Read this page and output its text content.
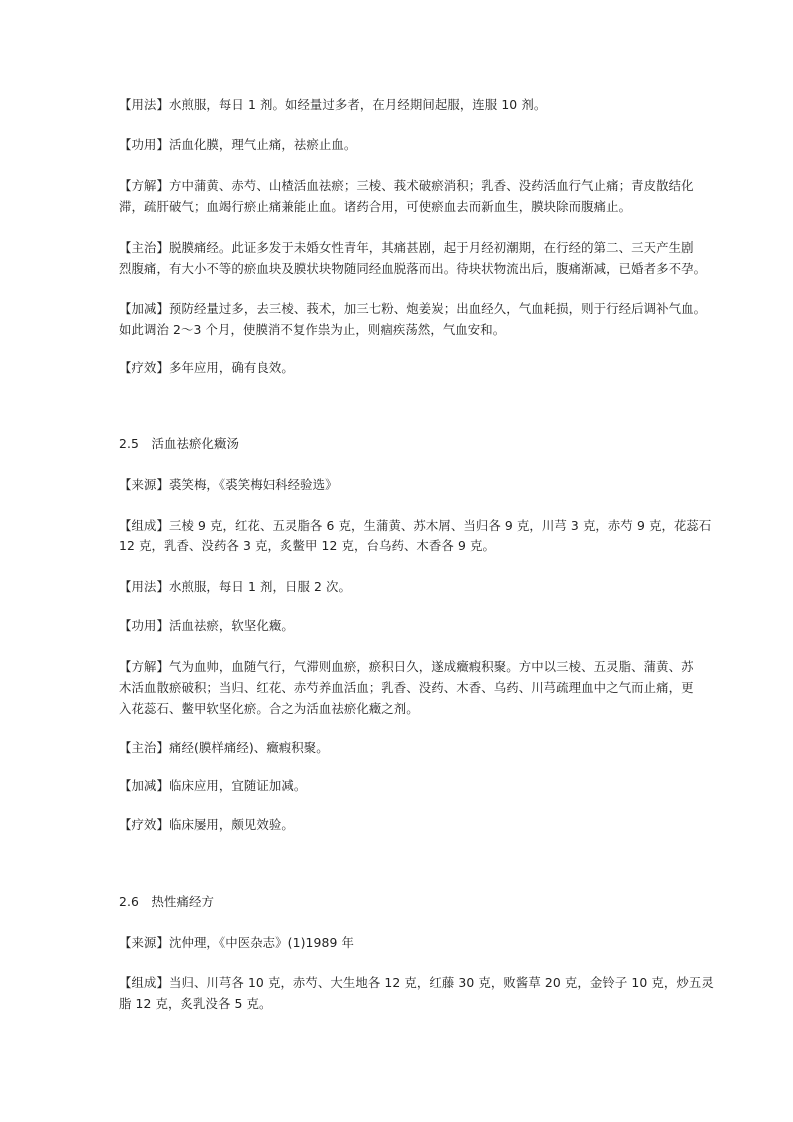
【用法】水煎服，每日 1 剂。如经量过多者，在月经期间起服，连服 10 剂。
【功用】活血化膜，理气止痛，祛瘀止血。
【方解】方中蒲黄、赤芍、山楂活血祛瘀；三棱、莪术破瘀消积；乳香、没药活血行气止痛；青皮散结化
滞，疏肝破气；血竭行瘀止痛兼能止血。诸药合用，可使瘀血去而新血生，膜块除而腹痛止。
【主治】脱膜痛经。此证多发于未婚女性青年，其痛甚剧，起于月经初潮期，在行经的第二、三天产生剧
烈腹痛，有大小不等的瘀血块及膜状块物随同经血脱落而出。待块状物流出后，腹痛渐减，已婚者多不孕。
【加减】预防经量过多，去三棱、莪术，加三七粉、炮姜炭；出血经久，气血耗损，则于行经后调补气血。
如此调治 2～3 个月，使膜消不复作祟为止，则痼疾荡然，气血安和。
【疗效】多年应用，确有良效。
2.5　活血祛瘀化癥汤
【来源】裘笑梅，《裘笑梅妇科经验选》
【组成】三棱 9 克，红花、五灵脂各 6 克，生蒲黄、苏木屑、当归各 9 克，川芎 3 克，赤芍 9 克，花蕊石
12 克，乳香、没药各 3 克，炙鳖甲 12 克，台乌药、木香各 9 克。
【用法】水煎服，每日 1 剂，日服 2 次。
【功用】活血祛瘀，软坚化癥。
【方解】气为血帅，血随气行，气滞则血瘀，瘀积日久，遂成癥瘕积聚。方中以三棱、五灵脂、蒲黄、苏
木活血散瘀破积；当归、红花、赤芍养血活血；乳香、没药、木香、乌药、川芎疏理血中之气而止痛，更
入花蕊石、鳖甲软坚化瘀。合之为活血祛瘀化癥之剂。
【主治】痛经(膜样痛经)、癥瘕积聚。
【加减】临床应用，宜随证加减。
【疗效】临床屡用，颇见效验。
2.6　热性痛经方
【来源】沈仲理，《中医杂志》(1)1989 年
【组成】当归、川芎各 10 克，赤芍、大生地各 12 克，红藤 30 克，败酱草 20 克，金铃子 10 克，炒五灵
脂 12 克，炙乳没各 5 克。
